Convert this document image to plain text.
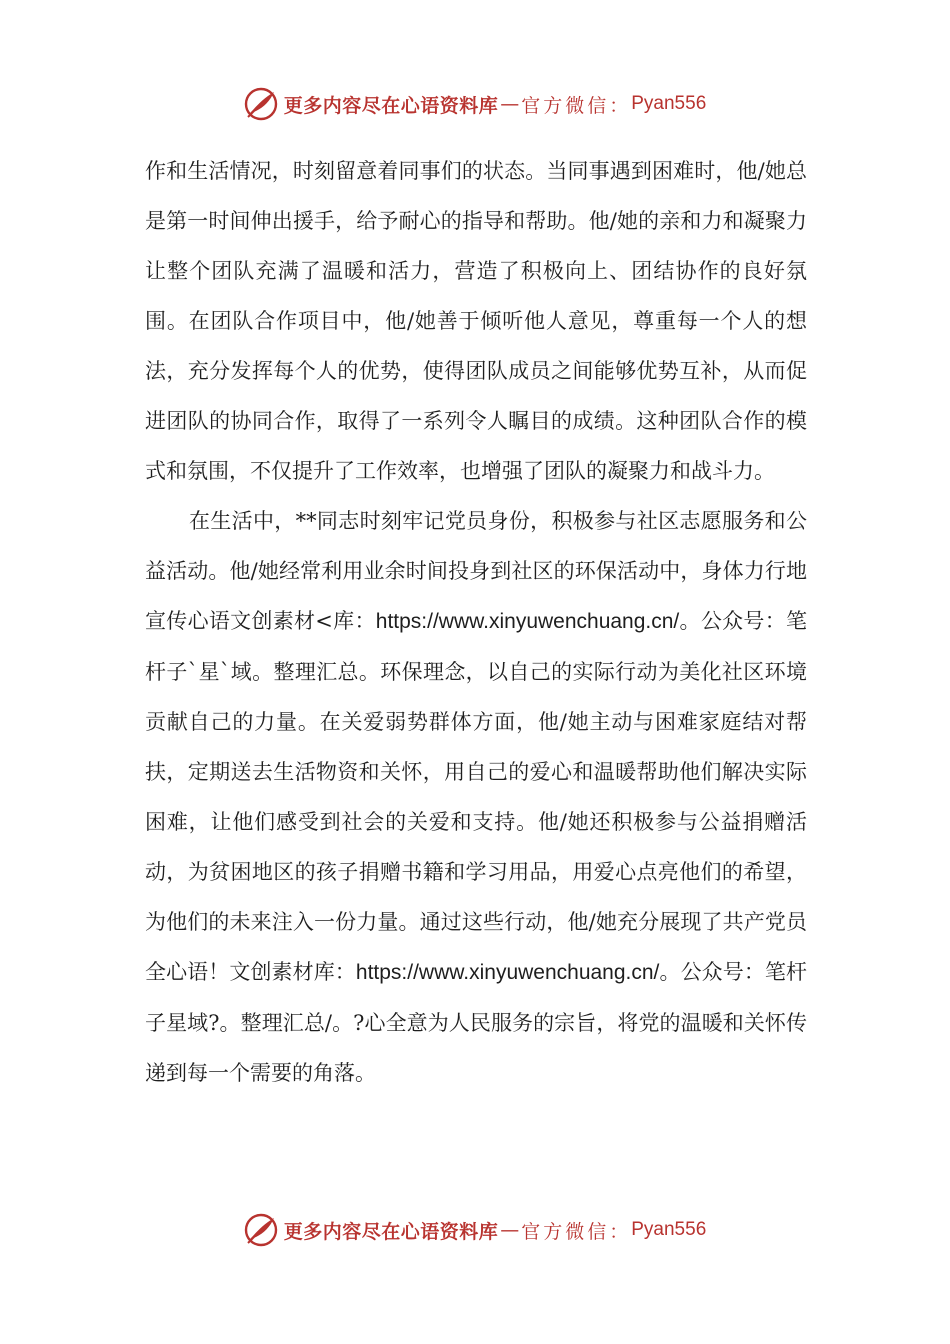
更多内容尽在心语资料库 — 官方微信： Pyan556

作和生活情况，时刻留意着同事们的状态。当同事遇到困难时，他/她总是第一时间伸出援手，给予耐心的指导和帮助。他/她的亲和力和凝聚力让整个团队充满了温暖和活力，营造了积极向上、团结协作的良好氛围。在团队合作项目中，他/她善于倾听他人意见，尊重每一个人的想法，充分发挥每个人的优势，使得团队成员之间能够优势互补，从而促进团队的协同合作，取得了一系列令人瞩目的成绩。这种团队合作的模式和氛围，不仅提升了工作效率，也增强了团队的凝聚力和战斗力。

在生活中，**同志时刻牢记党员身份，积极参与社区志愿服务和公益活动。他/她经常利用业余时间投身到社区的环保活动中，身体力行地宣传心语文创素材<库：https://www.xinyuwenchuang.cn/。公众号：笔杆子`星`域。整理汇总。环保理念，以自己的实际行动为美化社区环境贡献自己的力量。在关爱弱势群体方面，他/她主动与困难家庭结对帮扶，定期送去生活物资和关怀，用自己的爱心和温暖帮助他们解决实际困难，让他们感受到社会的关爱和支持。他/她还积极参与公益捐赠活动，为贫困地区的孩子捐赠书籍和学习用品，用爱心点亮他们的希望，为他们的未来注入一份力量。通过这些行动，他/她充分展现了共产党员全心语！文创素材库：https://www.xinyuwenchuang.cn/。公众号：笔杆子星域?。整理汇总/。?心全意为人民服务的宗旨，将党的温暖和关怀传递到每一个需要的角落。

更多内容尽在心语资料库 — 官方微信： Pyan556
